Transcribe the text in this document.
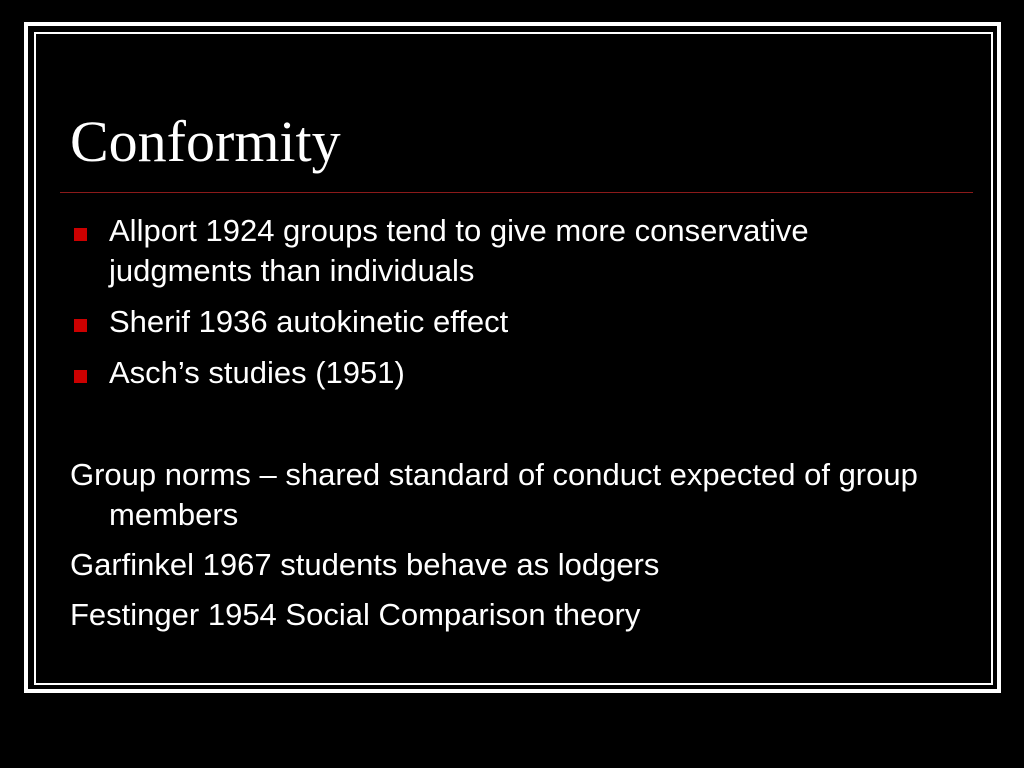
Conformity
Allport 1924 groups tend to give more conservative judgments than individuals
Sherif 1936 autokinetic effect
Asch’s studies (1951)
Group norms – shared standard of conduct expected of group members
Garfinkel 1967 students behave as lodgers
Festinger 1954 Social Comparison theory
